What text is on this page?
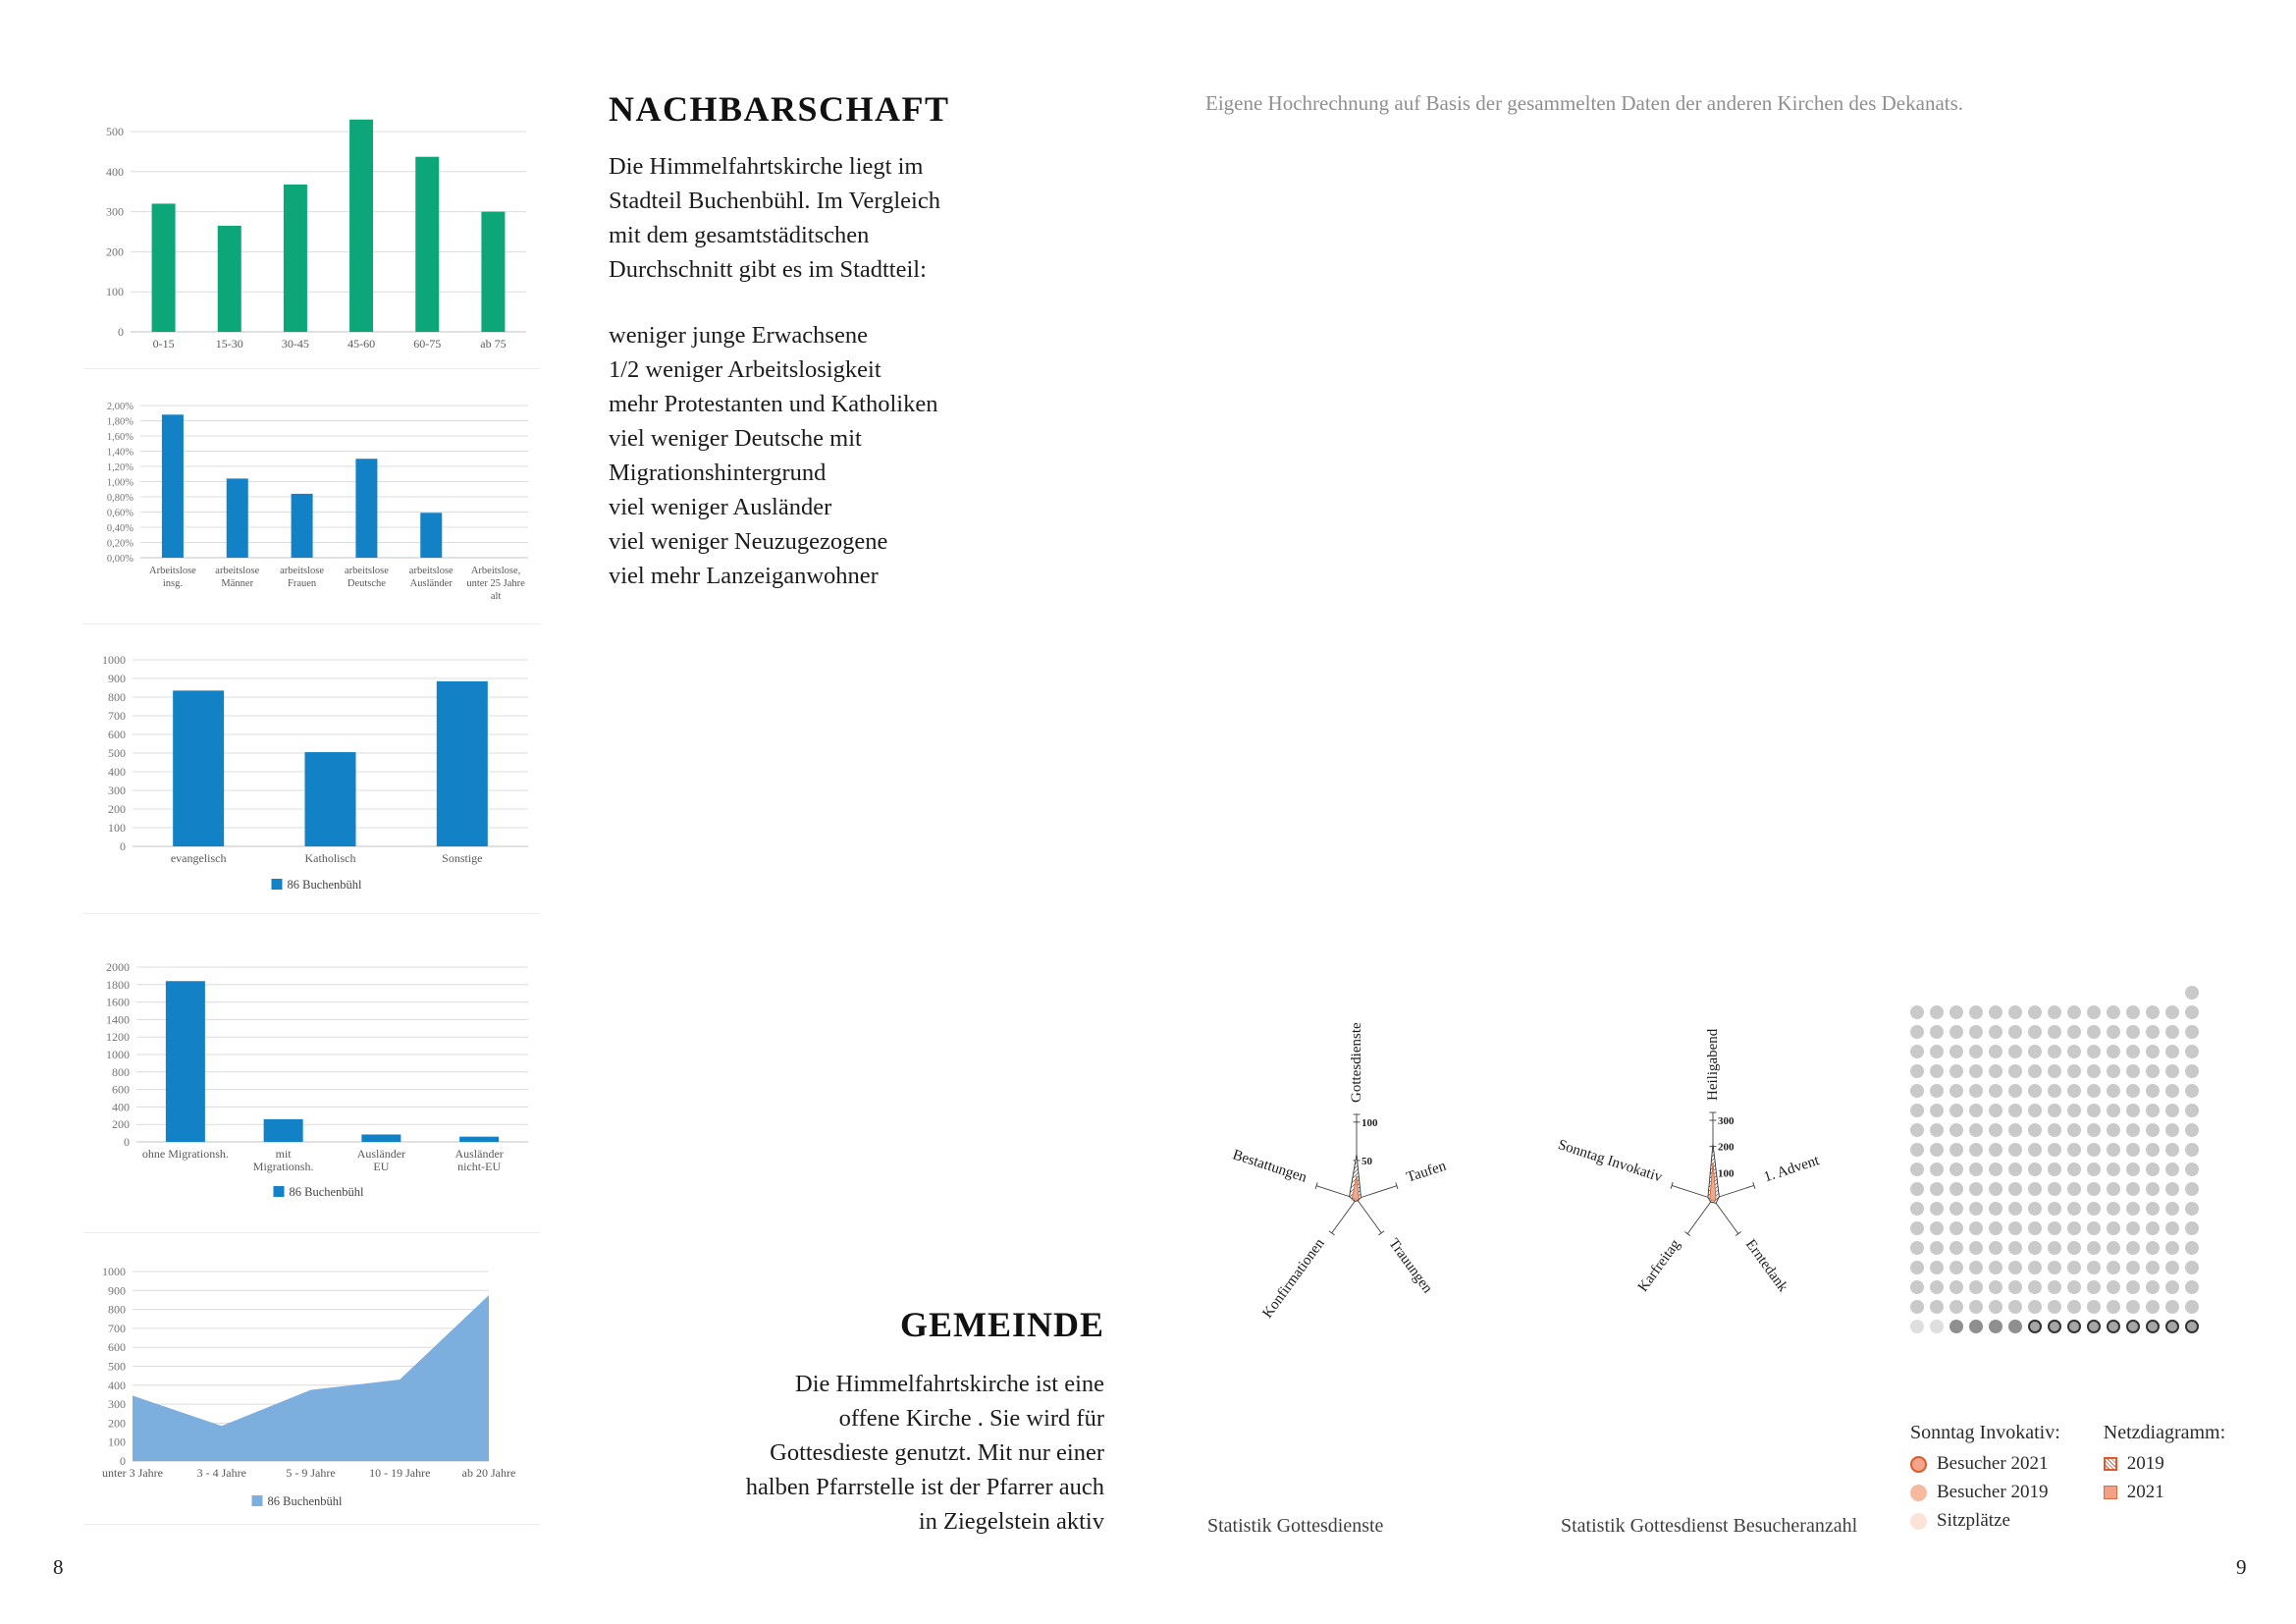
0
100
200
300
400
500
0-15	15-30	30-45	45-60	60-75	ab 75
0,00%
0,20%
0,40%
0,60%
0,80%
1,00%
1,20%
1,40%
1,60%
1,80%
2,00%
Arbeitslose insg.
arbeitslose Männer
arbeitslose Frauen
arbeitslose Deutsche
arbeitslose Ausländer
Arbeitslose, unter 25 Jahre alt
0
100
200
300
400
500
600
700
800
900
1000
evangelisch	Katholisch	Sonstige
86 Buchenbühl
0
200
400
600
800
1000
1200
1400
1600
1800
2000
ohne Migrationsh.	mit Migrationsh.
Ausländer EU
Ausländer nicht-EU
86 Buchenbühl
0
100
200
300
400
500
600
700
800
900
1000
unter 3 Jahre	3 - 4 Jahre	5 - 9 Jahre	10 - 19 Jahre	ab 20 Jahre
86 Buchenbühl
NACHBARSCHAFT
Die Himmelfahrtskirche liegt im
Stadteil Buchenbühl. Im Vergleich
mit dem gesamtstäditschen
Durchschnitt gibt es im Stadtteil:
weniger junge Erwachsene
1/2 weniger Arbeitslosigkeit
mehr Protestanten und Katholiken
viel weniger Deutsche mit
Migrationshintergrund
viel weniger Ausländer
viel weniger Neuzugezogene
viel mehr Lanzeiganwohner
GEMEINDE
Die Himmelfahrtskirche ist eine
offene Kirche . Sie wird für
Gottesdieste genutzt. Mit nur einer
halben Pfarrstelle ist der Pfarrer auch
in Ziegelstein aktiv
Eigene Hochrechnung auf Basis der gesammelten Daten der anderen Kirchen des Dekanats.
50
100
Gottesdienste
Taufen
Trauungen
Konfirmationen
Bestattungen	100
200
300
Heiligabend
1. Advent
Erntedank
Karfreitag
Sonntag Invokativ
Statistik Gottesdienste	Statistik Gottesdienst Besucheranzahl
Sonntag Invokativ:
Besucher 2021
Besucher 2019
Sitzplätze
Netzdiagramm:
2019
2021
8	9
